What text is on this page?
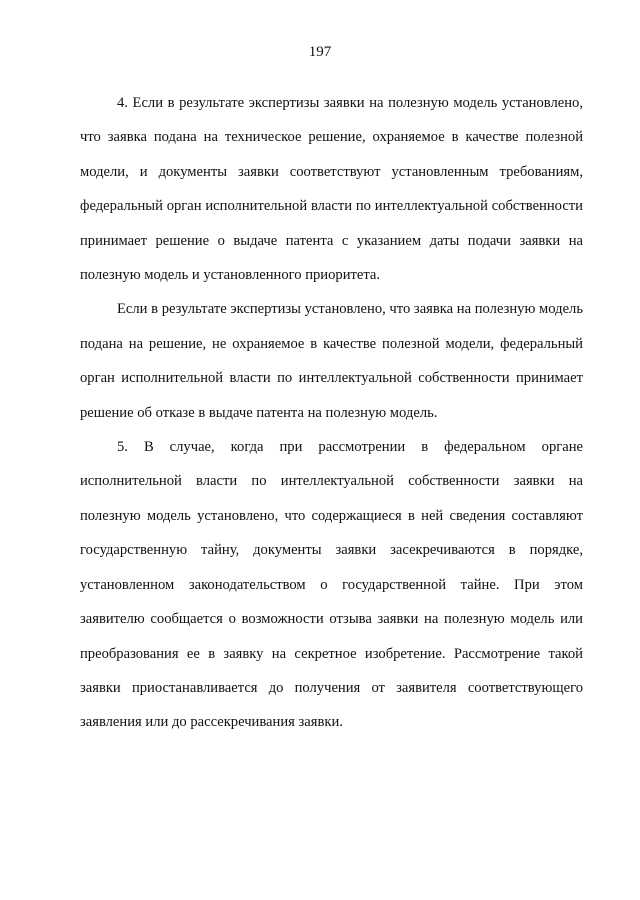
197

4. Если в результате экспертизы заявки на полезную модель установлено, что заявка подана на техническое решение, охраняемое в качестве полезной модели, и документы заявки соответствуют установленным требованиям, федеральный орган исполнительной власти по интеллектуальной собственности принимает решение о выдаче патента с указанием даты подачи заявки на полезную модель и установленного приоритета.

Если в результате экспертизы установлено, что заявка на полезную модель подана на решение, не охраняемое в качестве полезной модели, федеральный орган исполнительной власти по интеллектуальной собственности принимает решение об отказе в выдаче патента на полезную модель.

5. В случае, когда при рассмотрении в федеральном органе исполнительной власти по интеллектуальной собственности заявки на полезную модель установлено, что содержащиеся в ней сведения составляют государственную тайну, документы заявки засекречиваются в порядке, установленном законодательством о государственной тайне. При этом заявителю сообщается о возможности отзыва заявки на полезную модель или преобразования ее в заявку на секретное изобретение. Рассмотрение такой заявки приостанавливается до получения от заявителя соответствующего заявления или до рассекречивания заявки.
